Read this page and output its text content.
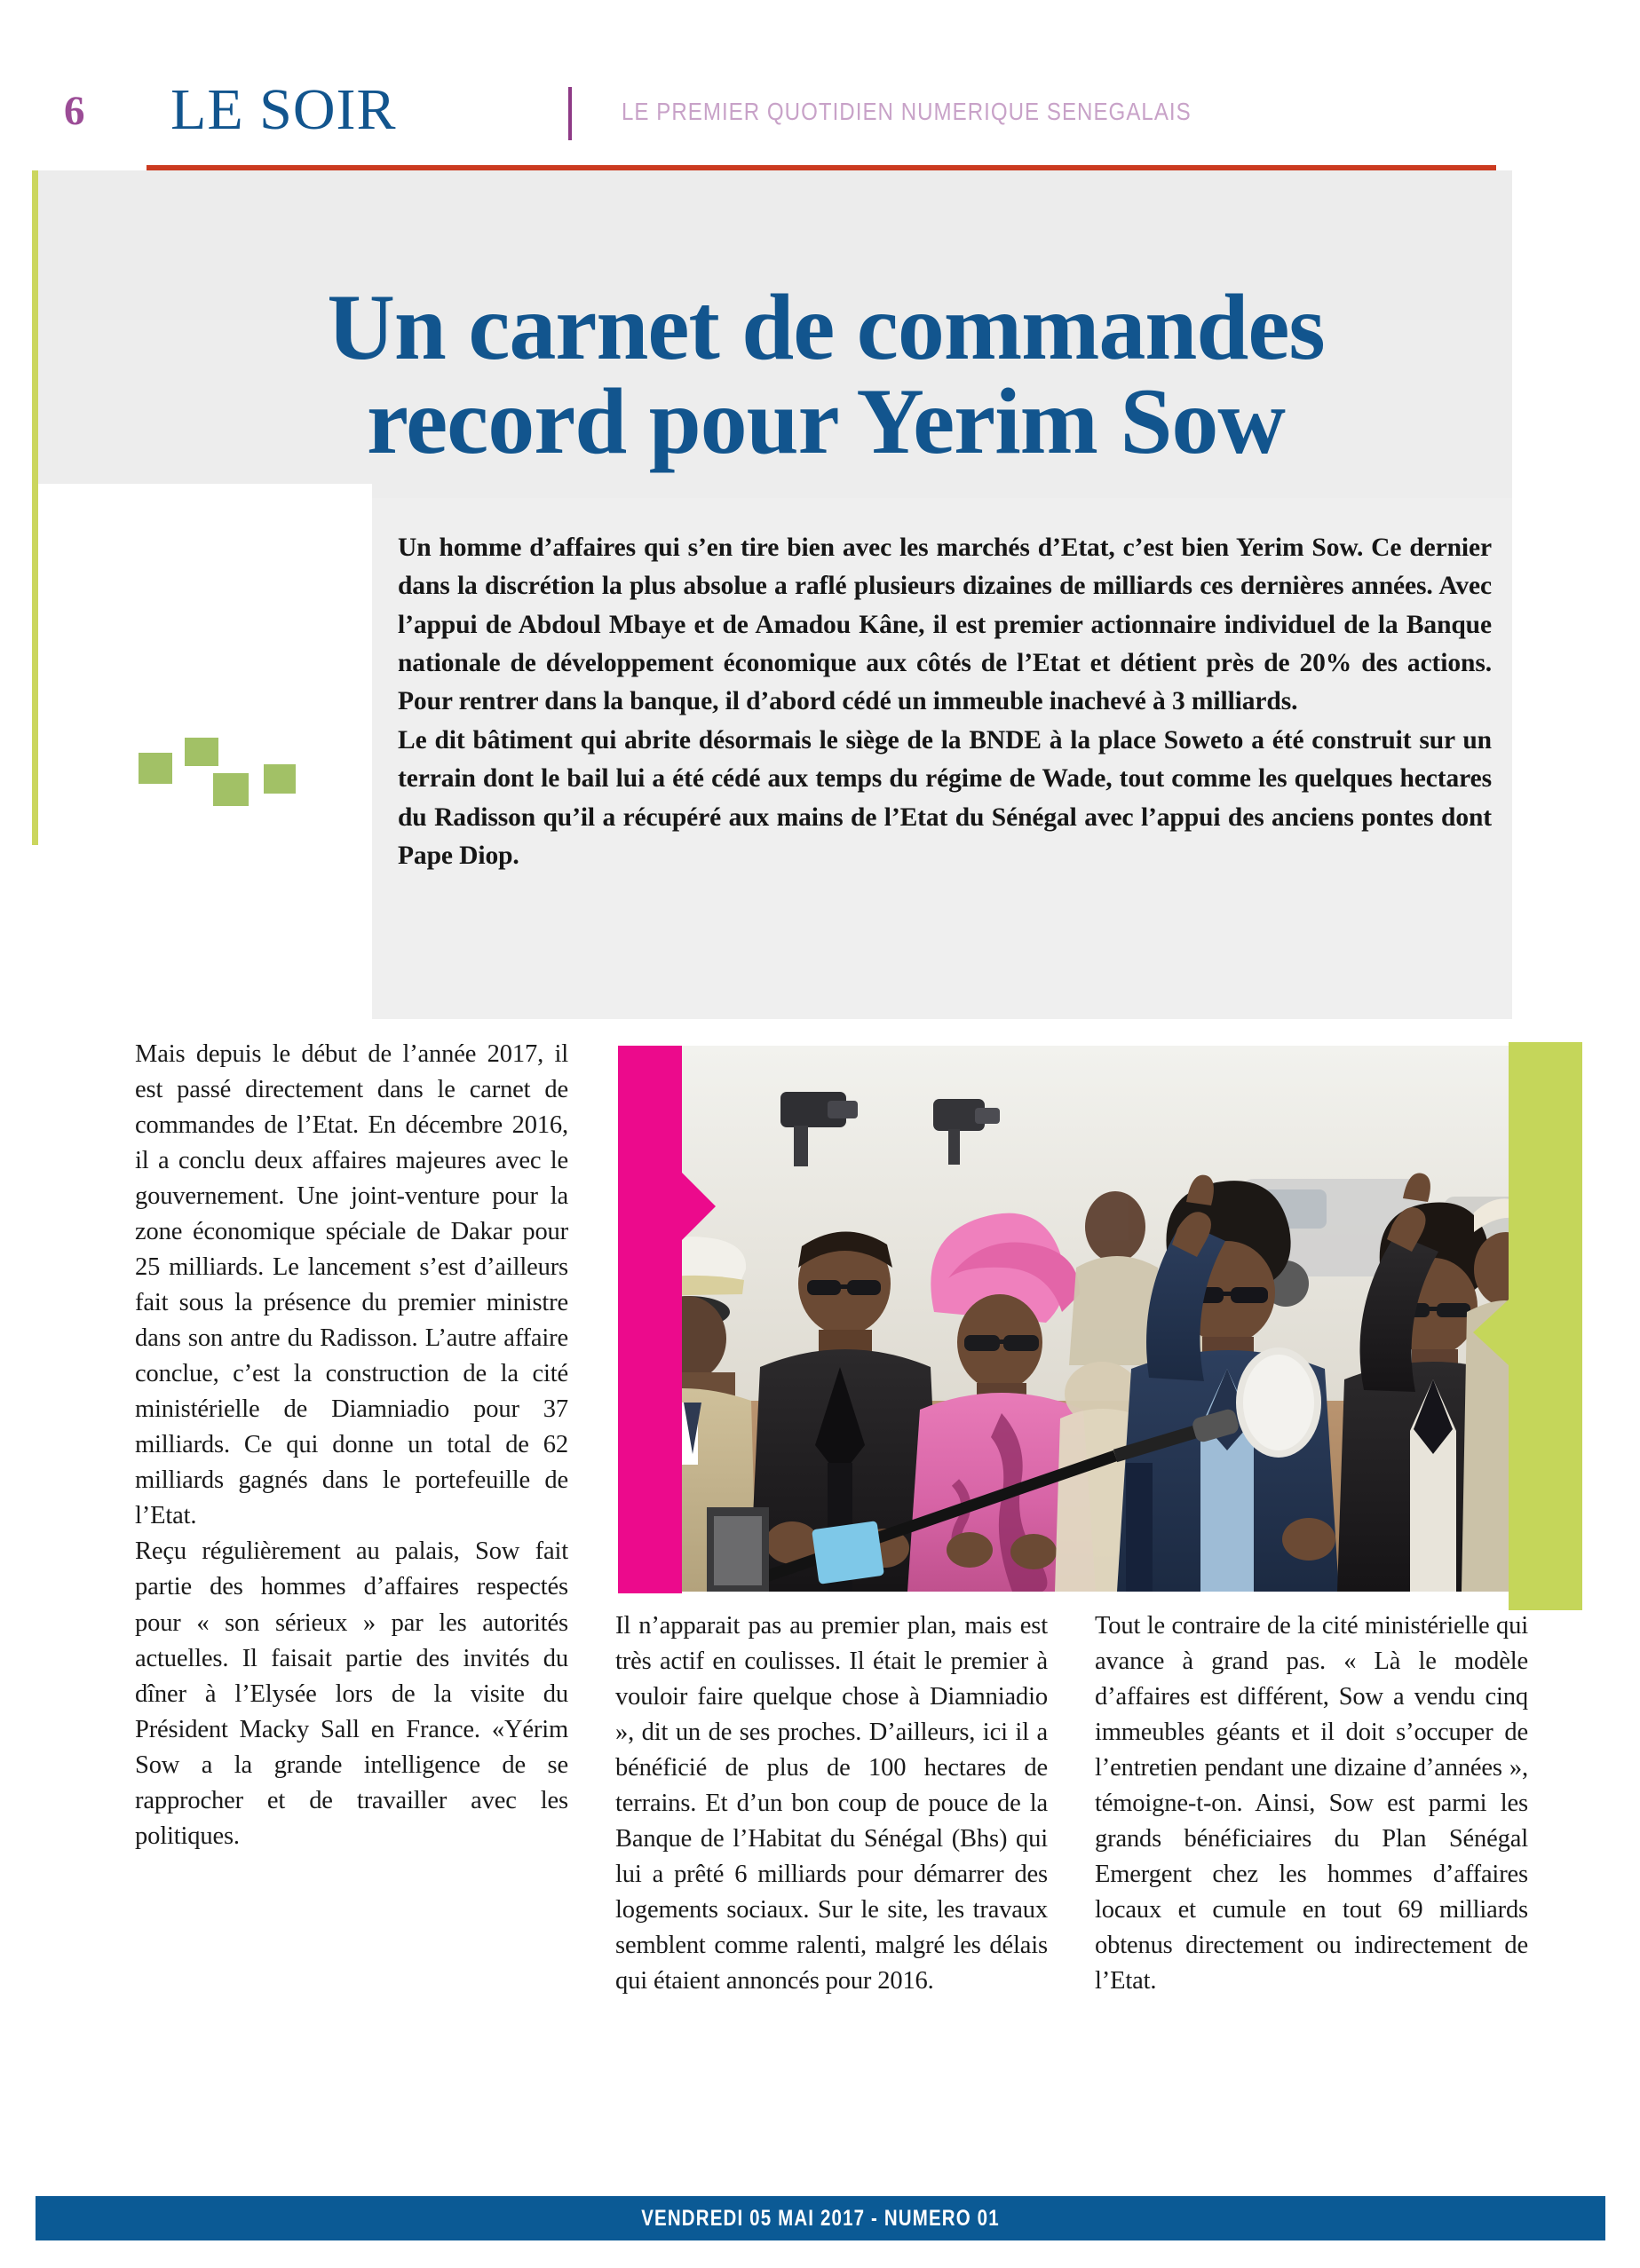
6 LE SOIR	LE PREMIER QUOTIDIEN NUMERIQUE SENEGALAIS
Un carnet de commandes
record pour Yerim Sow

Un homme d’affaires qui s’en tire bien avec les marchés d’Etat, c’est bien Yerim Sow. Ce dernier dans la discrétion la plus absolue a raflé plusieurs dizaines de milliards ces dernières années. Avec l’appui de Abdoul Mbaye et de Amadou Kâne, il est premier actionnaire individuel de la Banque nationale de développement économique aux côtés de l’Etat et détient près de 20% des actions. Pour rentrer dans la banque, il d’abord cédé un immeuble inachevé à 3 milliards.

Le dit bâtiment qui abrite désormais le siège de la BNDE à la place Soweto a été construit sur un terrain dont le bail lui a été cédé aux temps du régime de Wade, tout comme les quelques hectares du Radisson qu’il a récupéré aux mains de l’Etat du Sénégal avec l’appui des anciens pontes dont Pape Diop.

Mais depuis le début de l’année 2017, il est passé directement dans le carnet de commandes de l’Etat. En décembre 2016, il a conclu deux affaires majeures avec le gouvernement. Une joint-venture pour la zone économique spéciale de Dakar pour 25 milliards. Le lancement s’est d’ailleurs fait sous la présence du premier ministre dans son antre du Radisson. L’autre affaire conclue, c’est la construction de la cité ministérielle de Diamniadio pour 37 milliards. Ce qui donne un total de 62 milliards gagnés dans le portefeuille de l’Etat.

Reçu régulièrement au palais, Sow fait partie des hommes d’affaires respectés pour « son sérieux » par les autorités actuelles. Il faisait partie des invités du dîner à l’Elysée lors de la visite du Président Macky Sall en France. «Yérim Sow a la grande intelligence de se rapprocher et de travailler avec les politiques.

Il n’apparait pas au premier plan, mais est très actif en coulisses. Il était le premier à vouloir faire quelque chose à Diamniadio », dit un de ses proches. D’ailleurs, ici il a bénéficié de plus de 100 hectares de terrains. Et d’un bon coup de pouce de la Banque de l’Habitat du Sénégal (Bhs) qui lui a prêté 6 milliards pour démarrer des logements sociaux. Sur le site, les travaux semblent comme ralenti, malgré les délais qui étaient annoncés pour 2016.

Tout le contraire de la cité ministérielle qui avance à grand pas. « Là le modèle d’affaires est différent, Sow a vendu cinq immeubles géants et il doit s’occuper de l’entretien pendant une dizaine d’années », témoigne-t-on. Ainsi, Sow est parmi les grands bénéficiaires du Plan Sénégal Emergent chez les hommes d’affaires locaux et cumule en tout 69 milliards obtenus directement ou indirectement de l’Etat.

VENDREDI 05 MAI 2017 - NUMERO 01
